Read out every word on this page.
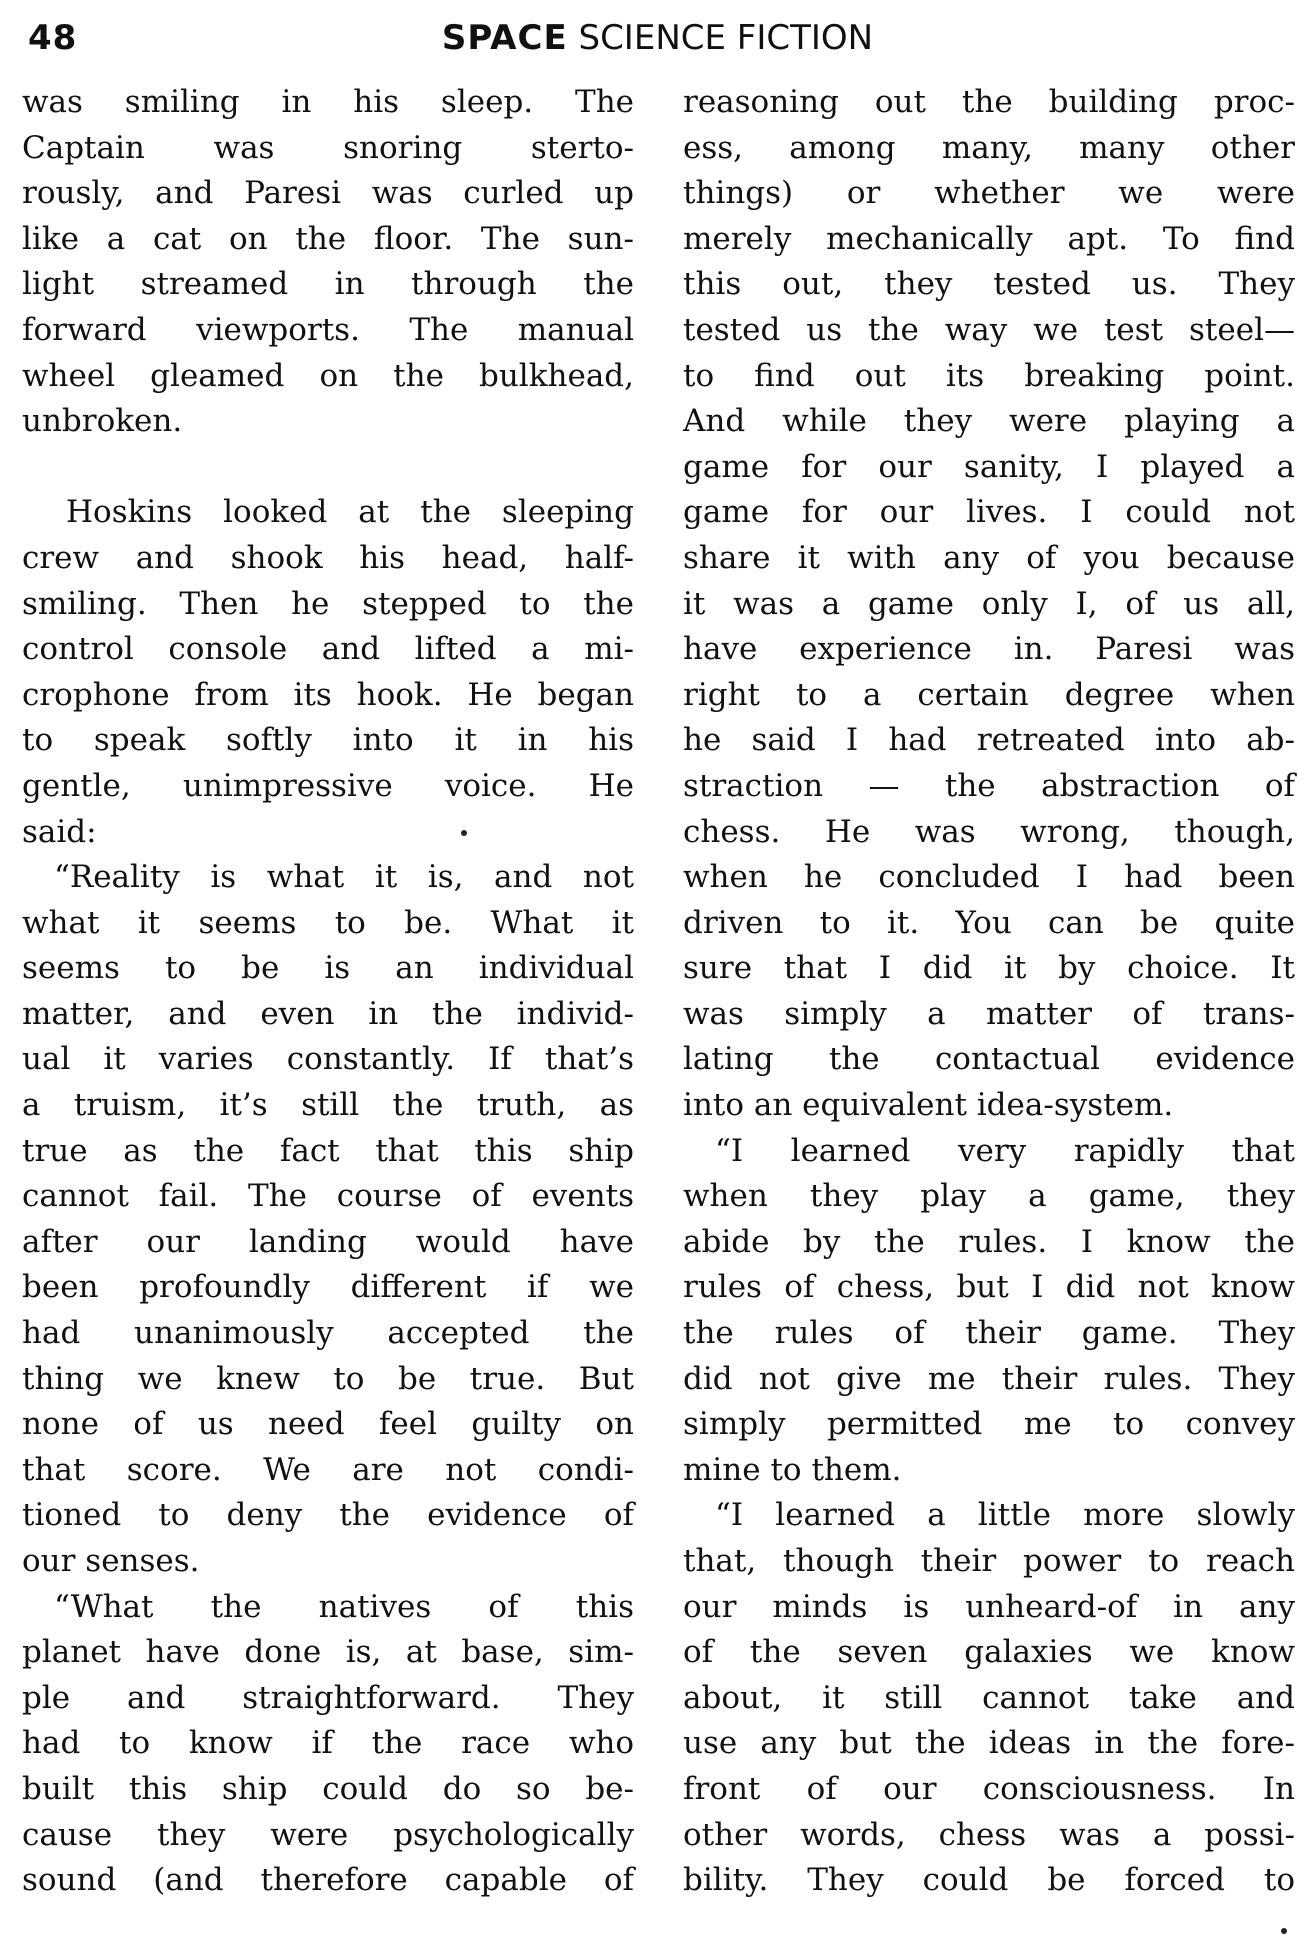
48	SPACE SCIENCE FICTION
was smiling in his sleep. The
Captain was snoring sterto-
rously, and Paresi was curled up
like a cat on the floor. The sun-
light streamed in through the
forward viewports. The manual
wheel gleamed on the bulkhead,
unbroken.
Hoskins looked at the sleeping
crew and shook his head, half-
smiling. Then he stepped to the
control console and lifted a mi-
crophone from its hook. He began
to speak softly into it in his
gentle, unimpressive voice. He
said:
“Reality is what it is, and not
what it seems to be. What it
seems to be is an individual
matter, and even in the individ-
ual it varies constantly. If that’s
a truism, it’s still the truth, as
true as the fact that this ship
cannot fail. The course of events
after our landing would have
been profoundly different if we
had unanimously accepted the
thing we knew to be true. But
none of us need feel guilty on
that score. We are not condi-
tioned to deny the evidence of
our senses.
“What the natives of this
planet have done is, at base, sim-
ple and straightforward. They
had to know if the race who
built this ship could do so be-
cause they were psychologically
sound (and therefore capable of
reasoning out the building proc-
ess, among many, many other
things) or whether we were
merely mechanically apt. To find
this out, they tested us. They
tested us the way we test steel—
to find out its breaking point.
And while they were playing a
game for our sanity, I played a
game for our lives. I could not
share it with any of you because
it was a game only I, of us all,
have experience in. Paresi was
right to a certain degree when
he said I had retreated into ab-
straction — the abstraction of
chess. He was wrong, though,
when he concluded I had been
driven to it. You can be quite
sure that I did it by choice. It
was simply a matter of trans-
lating the contactual evidence
into an equivalent idea-system.
“I learned very rapidly that
when they play a game, they
abide by the rules. I know the
rules of chess, but I did not know
the rules of their game. They
did not give me their rules. They
simply permitted me to convey
mine to them.
“I learned a little more slowly
that, though their power to reach
our minds is unheard-of in any
of the seven galaxies we know
about, it still cannot take and
use any but the ideas in the fore-
front of our consciousness. In
other words, chess was a possi-
bility. They could be forced to
